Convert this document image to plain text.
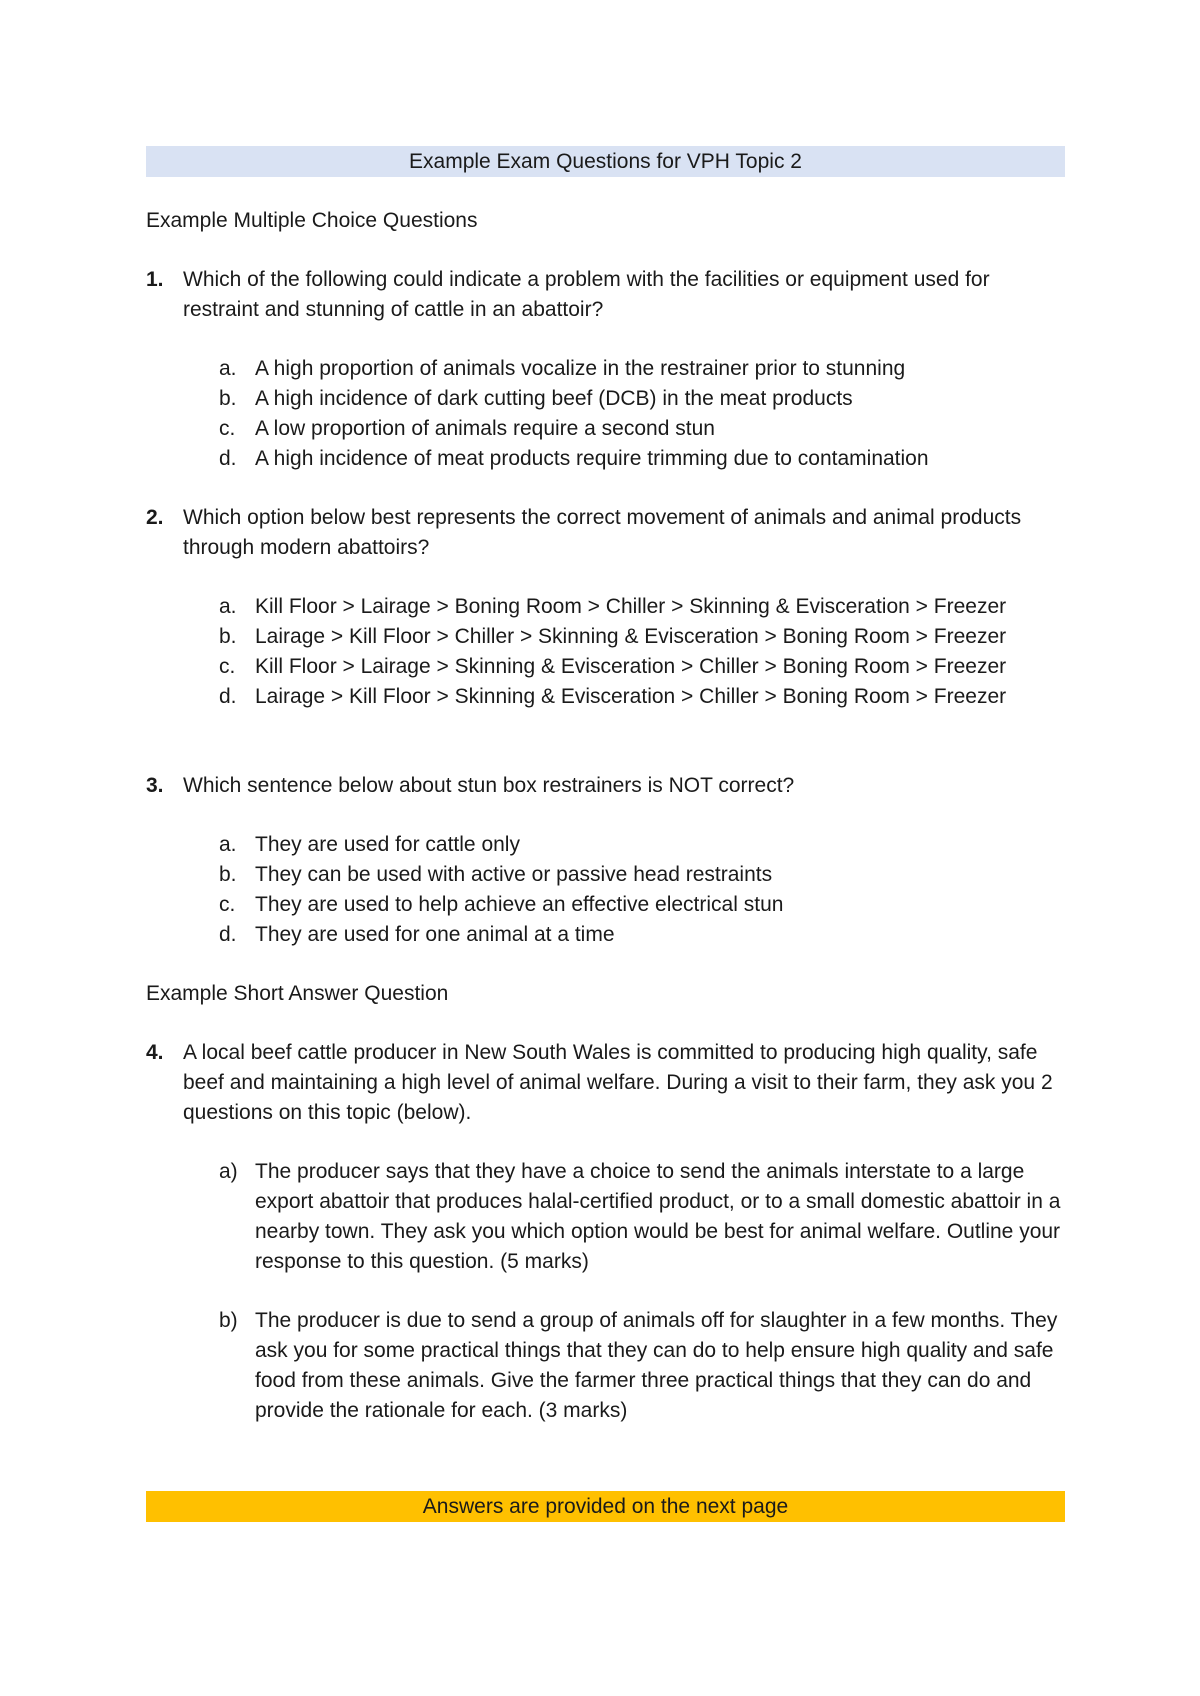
Example Exam Questions for VPH Topic 2
Example Multiple Choice Questions
1. Which of the following could indicate a problem with the facilities or equipment used for restraint and stunning of cattle in an abattoir?
a. A high proportion of animals vocalize in the restrainer prior to stunning
b. A high incidence of dark cutting beef (DCB) in the meat products
c. A low proportion of animals require a second stun
d. A high incidence of meat products require trimming due to contamination
2. Which option below best represents the correct movement of animals and animal products through modern abattoirs?
a. Kill Floor > Lairage > Boning Room > Chiller > Skinning & Evisceration > Freezer
b. Lairage > Kill Floor > Chiller > Skinning & Evisceration > Boning Room > Freezer
c. Kill Floor > Lairage > Skinning & Evisceration > Chiller > Boning Room > Freezer
d. Lairage > Kill Floor > Skinning & Evisceration > Chiller > Boning Room > Freezer
3. Which sentence below about stun box restrainers is NOT correct?
a. They are used for cattle only
b. They can be used with active or passive head restraints
c. They are used to help achieve an effective electrical stun
d. They are used for one animal at a time
Example Short Answer Question
4. A local beef cattle producer in New South Wales is committed to producing high quality, safe beef and maintaining a high level of animal welfare. During a visit to their farm, they ask you 2 questions on this topic (below).
a) The producer says that they have a choice to send the animals interstate to a large export abattoir that produces halal-certified product, or to a small domestic abattoir in a nearby town. They ask you which option would be best for animal welfare. Outline your response to this question. (5 marks)
b) The producer is due to send a group of animals off for slaughter in a few months. They ask you for some practical things that they can do to help ensure high quality and safe food from these animals. Give the farmer three practical things that they can do and provide the rationale for each. (3 marks)
Answers are provided on the next page
